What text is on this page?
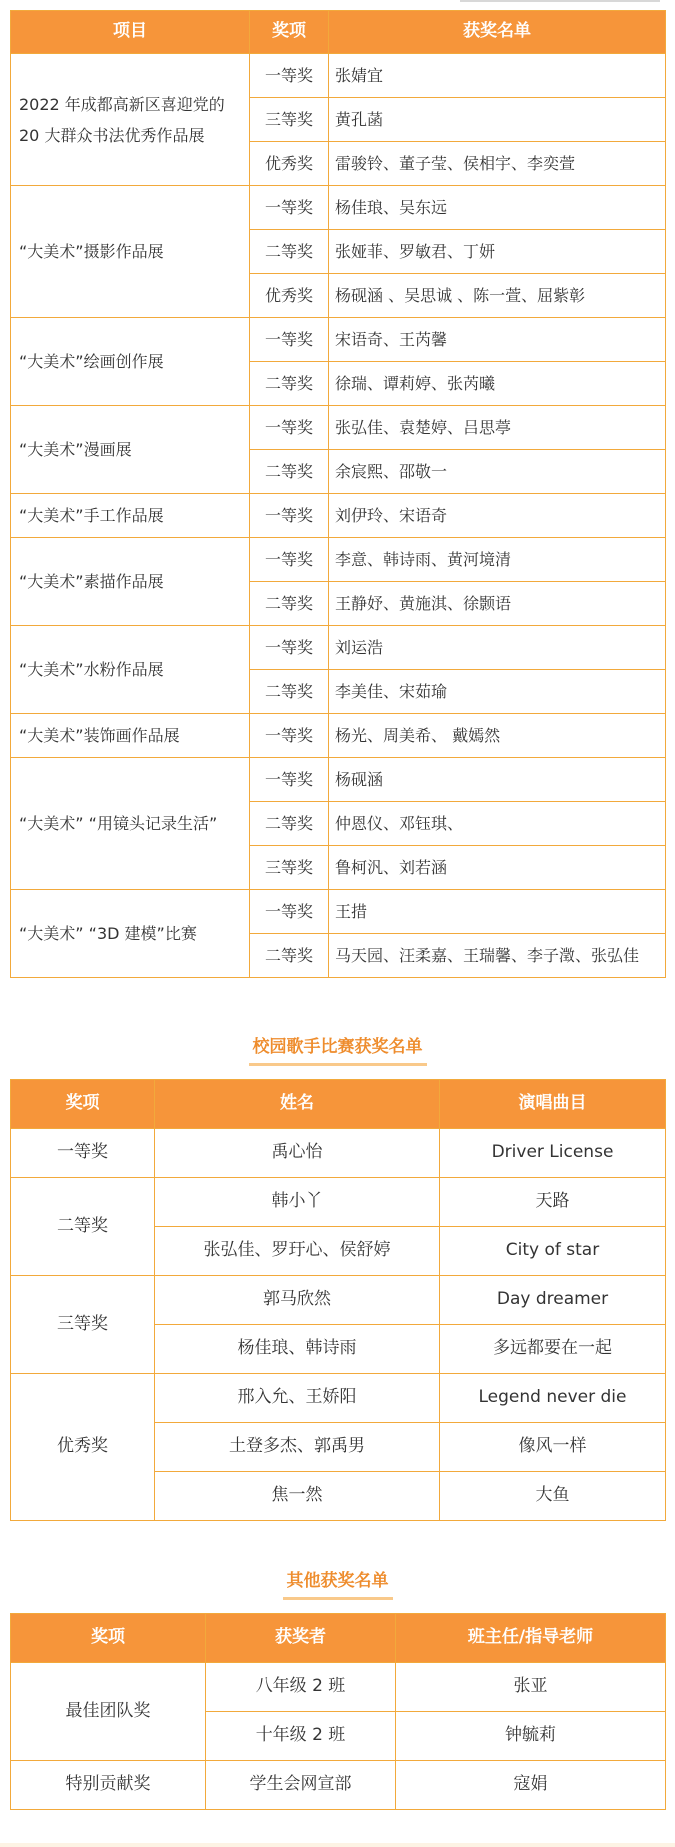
项目	奖项	获奖名单
2022 年成都高新区喜迎党的 20 大群众书法优秀作品展	一等奖	张婧宜
	三等奖	黄孔菡
	优秀奖	雷骏铃、董子莹、侯相宇、李奕萱
“大美术”摄影作品展	一等奖	杨佳琅、吴东远
	二等奖	张娅菲、罗敏君、丁妍
	优秀奖	杨砚涵 、吴思诚 、陈一萱、屈紫彰
“大美术”绘画创作展	一等奖	宋语奇、王芮馨
	二等奖	徐瑞、谭莉婷、张芮曦
“大美术”漫画展	一等奖	张弘佳、袁楚婷、吕思葶
	二等奖	余宸熙、邵敬一
“大美术”手工作品展	一等奖	刘伊玲、宋语奇
“大美术”素描作品展	一等奖	李意、韩诗雨、黄河境清
	二等奖	王静妤、黄施淇、徐颢语
“大美术”水粉作品展	一等奖	刘运浩
	二等奖	李美佳、宋茹瑜
“大美术”装饰画作品展	一等奖	杨光、周美希、 戴嫣然
“大美术” “用镜头记录生活”	一等奖	杨砚涵
	二等奖	仲恩仪、邓钰琪、
	三等奖	鲁柯汎、刘若涵
“大美术” “3D 建模”比赛	一等奖	王措
	二等奖	马天园、汪柔嘉、王瑞馨、李子澂、张弘佳
校园歌手比赛获奖名单
奖项	姓名	演唱曲目
一等奖	禹心怡	Driver License
二等奖	韩小丫	天路
	张弘佳、罗玗心、侯舒婷	City of star
三等奖	郭马欣然	Day dreamer
	杨佳琅、韩诗雨	多远都要在一起
优秀奖	邢入允、王娇阳	Legend never die
	土登多杰、郭禹男	像风一样
	焦一然	大鱼
其他获奖名单
奖项	获奖者	班主任/指导老师
最佳团队奖	八年级 2 班	张亚
	十年级 2 班	钟毓莉
特别贡献奖	学生会网宣部	寇娟
